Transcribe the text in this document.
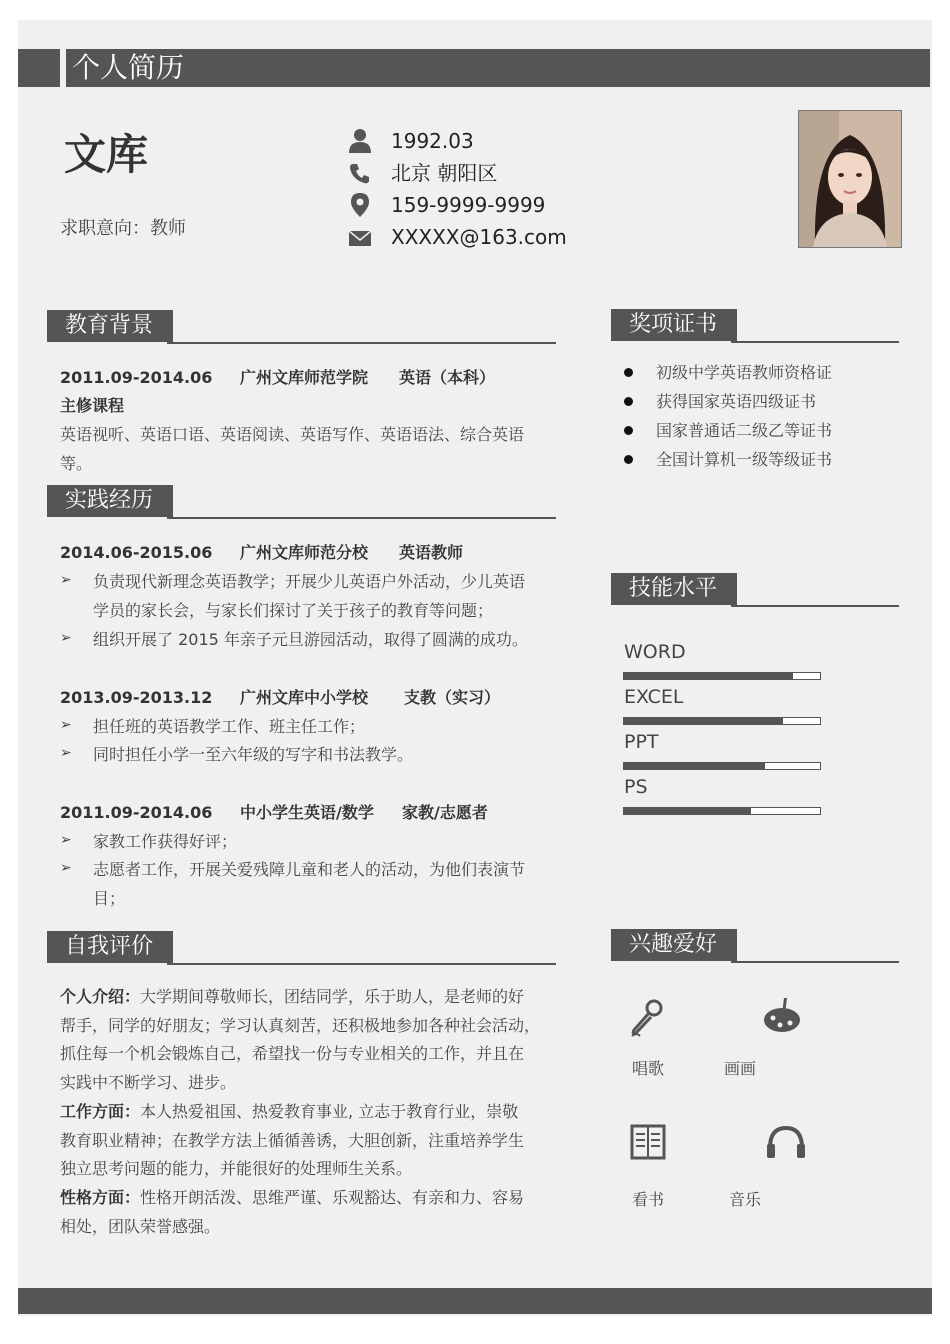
个人简历
文库
求职意向：教师
1992.03
北京 朝阳区
159-9999-9999
XXXXX@163.com
教育背景
2011.09-2014.06 广州文库师范学院 英语（本科）
主修课程
英语视听、英语口语、英语阅读、英语写作、英语语法、综合英语
等。
实践经历
2014.06-2015.06 广州文库师范分校 英语教师
➢ 负责现代新理念英语教学；开展少儿英语户外活动，少儿英语
学员的家长会，与家长们探讨了关于孩子的教育等问题；
➢ 组织开展了 2015 年亲子元旦游园活动，取得了圆满的成功。
2013.09-2013.12 广州文库中小学校 支教（实习）
➢ 担任班的英语教学工作、班主任工作；
➢ 同时担任小学一至六年级的写字和书法教学。
2011.09-2014.06 中小学生英语/数学 家教/志愿者
➢ 家教工作获得好评；
➢ 志愿者工作，开展关爱残障儿童和老人的活动，为他们表演节
目；
自我评价
个人介绍：大学期间尊敬师长，团结同学，乐于助人，是老师的好
帮手，同学的好朋友；学习认真刻苦，还积极地参加各种社会活动，
抓住每一个机会锻炼自己，希望找一份与专业相关的工作，并且在
实践中不断学习、进步。
工作方面：本人热爱祖国、热爱教育事业, 立志于教育行业，崇敬
教育职业精神；在教学方法上循循善诱，大胆创新，注重培养学生
独立思考问题的能力，并能很好的处理师生关系。
性格方面：性格开朗活泼、思维严谨、乐观豁达、有亲和力、容易
相处，团队荣誉感强。
奖项证书
初级中学英语教师资格证
获得国家英语四级证书
国家普通话二级乙等证书
全国计算机一级等级证书
技能水平
WORD
EXCEL
PPT
PS
兴趣爱好
唱歌	画画
看书	音乐
